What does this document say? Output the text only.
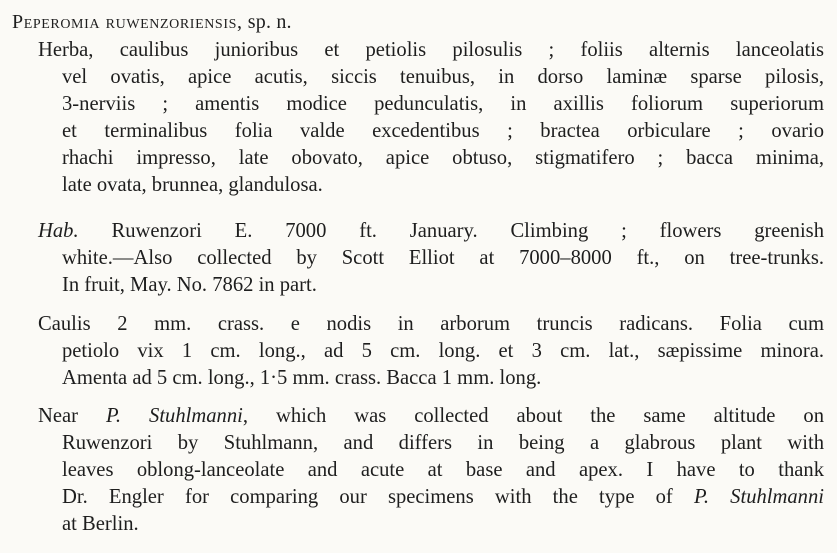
Peperomia ruwenzoriensis, sp. n.
Herba, caulibus junioribus et petiolis pilosulis ; foliis alternis lanceolatis
vel ovatis, apice acutis, siccis tenuibus, in dorso laminæ sparse pilosis,
3-nerviis ; amentis modice pedunculatis, in axillis foliorum superiorum
et terminalibus folia valde excedentibus ; bractea orbiculare ; ovario
rhachi impresso, late obovato, apice obtuso, stigmatifero ; bacca minima,
late ovata, brunnea, glandulosa.
Hab. Ruwenzori E. 7000 ft. January. Climbing ; flowers greenish
white.—Also collected by Scott Elliot at 7000–8000 ft., on tree-trunks.
In fruit, May. No. 7862 in part.
Caulis 2 mm. crass. e nodis in arborum truncis radicans. Folia cum
petiolo vix 1 cm. long., ad 5 cm. long. et 3 cm. lat., sæpissime minora.
Amenta ad 5 cm. long., 1·5 mm. crass. Bacca 1 mm. long.
Near P. Stuhlmanni, which was collected about the same altitude on
Ruwenzori by Stuhlmann, and differs in being a glabrous plant with
leaves oblong-lanceolate and acute at base and apex. I have to thank
Dr. Engler for comparing our specimens with the type of P. Stuhlmanni
at Berlin.
